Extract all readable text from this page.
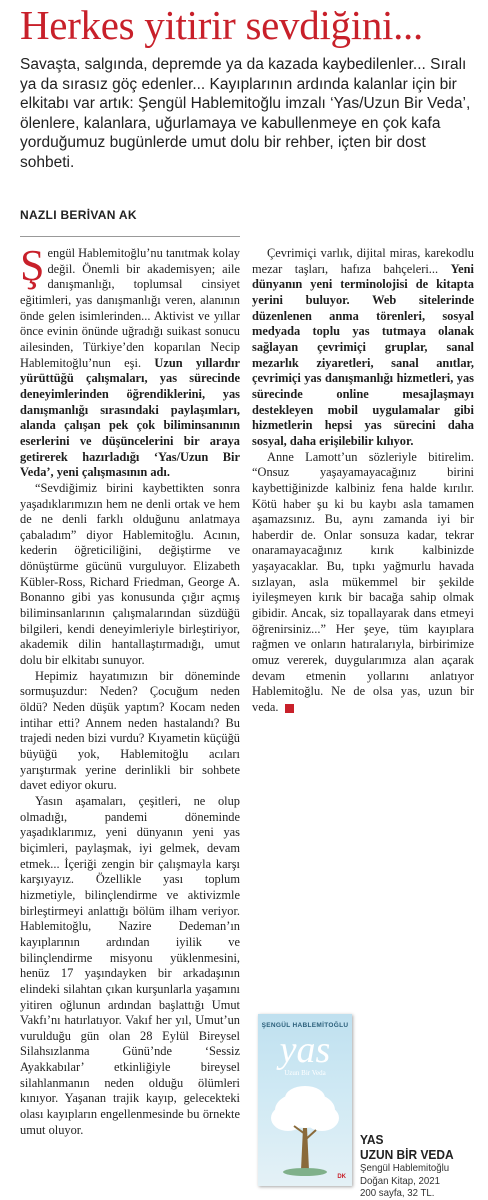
Herkes yitirir sevdiğini...
Savaşta, salgında, depremde ya da kazada kaybedilenler... Sıralı ya da sırasız göç edenler... Kayıplarının ardında kalanlar için bir elkitabı var artık: Şengül Hablemitoğlu imzalı ‘Yas/Uzun Bir Veda’, ölenlere, kalanlara, uğurlamaya ve kabullenmeye en çok kafa yorduğumuz bugünlerde umut dolu bir rehber, içten bir dost sohbeti.
NAZLI BERİVAN AK

Şengül Hablemitoğlu’nu tanıtmak kolay değil. Önemli bir akademisyen; aile danışmanlığı, toplumsal cinsiyet eğitimleri, yas danışmanlığı veren, alanının önde gelen isimlerinden... Aktivist ve yıllar önce evinin önünde uğradığı suikast sonucu ailesinden, Türkiye’den koparılan Necip Hablemitoğlu’nun eşi. Uzun yıllardır yürüttüğü çalışmaları, yas sürecinde deneyimlerinden öğrendiklerini, yas danışmanlığı sırasındaki paylaşımları, alanda çalışan pek çok biliminsanının eserlerini ve düşüncelerini bir araya getirerek hazırladığı ‘Yas/Uzun Bir Veda’, yeni çalışmasının adı.

“Sevdiğimiz birini kaybettikten sonra yaşadıklarımızın hem ne denli ortak ve hem de ne denli farklı olduğunu anlatmaya çabaladım” diyor Hablemitoğlu. Acının, kederin öğreticiliğini, değiştirme ve dönüştürme gücünü vurguluyor. Elizabeth Kübler-Ross, Richard Friedman, George A. Bonanno gibi yas konusunda çığır açmış biliminsanlarının çalışmalarından süzdüğü bilgileri, kendi deneyimleriyle birleştiriyor, akademik dilin hantallaştırmadığı, umut dolu bir elkitabı sunuyor.

Hepimiz hayatımızın bir döneminde sormuşuzdur: Neden? Çocuğum neden öldü? Neden düşük yaptım? Kocam neden intihar etti? Annem neden hastalandı? Bu trajedi neden bizi vurdu? Kıyametin küçüğü büyüğü yok, Hablemitoğlu acıları yarıştırmak yerine derinlikli bir sohbete davet ediyor okuru.

Yasın aşamaları, çeşitleri, ne olup olmadığı, pandemi döneminde yaşadıklarımız, yeni dünyanın yeni yas biçimleri, paylaşmak, iyi gelmek, devam etmek... İçeriği zengin bir çalışmayla karşı karşıyayız. Özellikle yası toplum hizmetiyle, bilinçlendirme ve aktivizmle birleştirmeyi anlattığı bölüm ilham veriyor. Hablemitoğlu, Nazire Dedeman’ın kayıplarının ardından iyilik ve bilinçlendirme misyonu yüklenmesini, henüz 17 yaşındayken bir arkadaşının elindeki silahtan çıkan kurşunlarla yaşamını yitiren oğlunun ardından başlattığı Umut Vakfı’nı hatırlatıyor. Vakıf her yıl, Umut’un vurulduğu gün olan 28 Eylül Bireysel Silahsızlanma Günü’nde ‘Sessiz Ayakkabılar’ etkinliğiyle bireysel silahlanmanın neden olduğu ölümleri kınıyor. Yaşanan trajik kayıp, gelecekteki olası kayıpların engellenmesinde bu örnekte umut oluyor.

Çevrimiçi varlık, dijital miras, karekodlu mezar taşları, hafıza bahçeleri... Yeni dünyanın yeni terminolojisi de kitapta yerini buluyor. Web sitelerinde düzenlenen anma törenleri, sosyal medyada toplu yas tutmaya olanak sağlayan çevrimiçi gruplar, sanal mezarlık ziyaretleri, sanal anıtlar, çevrimiçi yas danışmanlığı hizmetleri, yas sürecinde online mesajlaşmayı destekleyen mobil uygulamalar gibi hizmetlerin hepsi yas sürecini daha sosyal, daha erişilebilir kılıyor.

Anne Lamott’un sözleriyle bitirelim. “Onsuz yaşayamayacağınız birini kaybettiğinizde kalbiniz fena halde kırılır. Kötü haber şu ki bu kaybı asla tamamen aşamazsınız. Bu, aynı zamanda iyi bir haberdir de. Onlar sonsuza kadar, tekrar onaramayacağınız kırık kalbinizde yaşayacaklar. Bu, tıpkı yağmurlu havada sızlayan, asla mükemmel bir şekilde iyileşmeyen kırık bir bacağa sahip olmak gibidir. Ancak, siz topallayarak dans etmeyi öğrenirsiniz...” Her şeye, tüm kayıplara rağmen ve onların hatıralarıyla, birbirimize omuz vererek, duygularımıza alan açarak devam etmenin yollarını anlatıyor Hablemitoğlu. Ne de olsa yas, uzun bir veda.

ŞENGÜL HABLEMİTOĞLU
yas
Uzun Bir Veda
DK
YAS
UZUN BİR VEDA
Şengül Hablemitoğlu
Doğan Kitap, 2021
200 sayfa, 32 TL.
